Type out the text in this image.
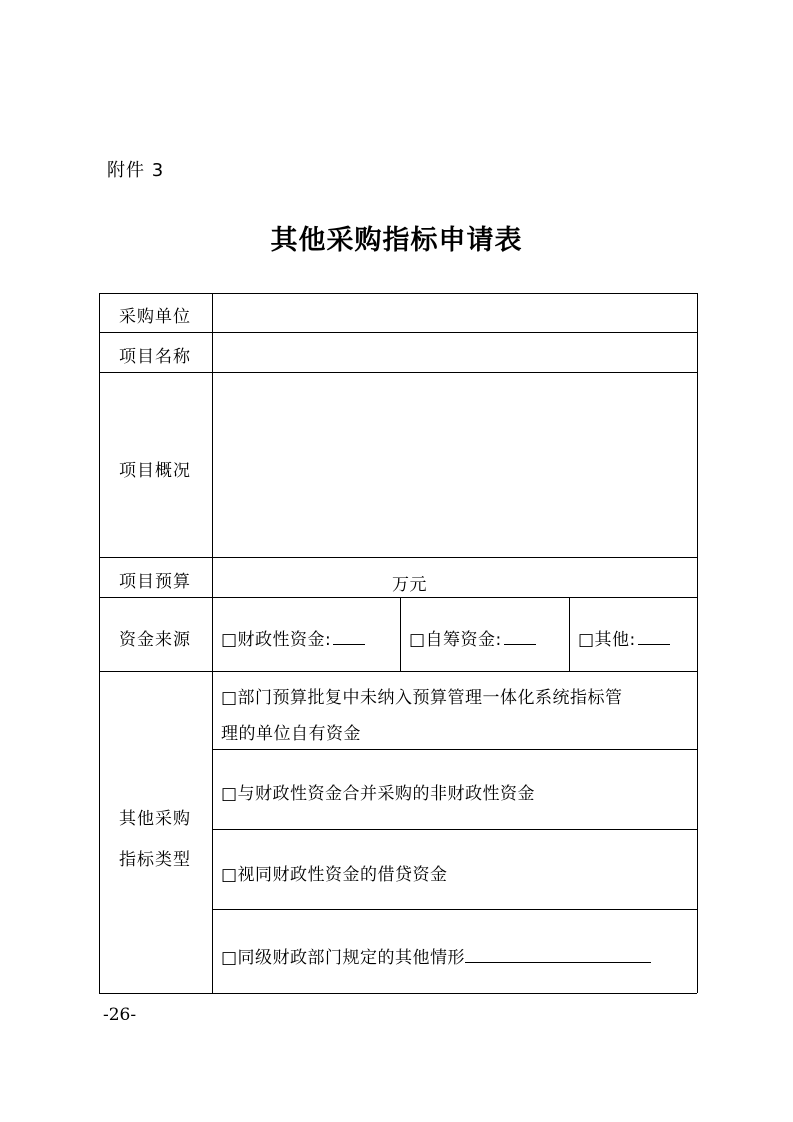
附件 3
其他采购指标申请表
采购单位
项目名称
项目概况
项目预算
资金来源
其他采购
指标类型
万元
□财政性资金:	□自筹资金:	□其他:
□部门预算批复中未纳入预算管理一体化系统指标管
理的单位自有资金
□与财政性资金合并采购的非财政性资金
□视同财政性资金的借贷资金
□同级财政部门规定的其他情形
-26-
